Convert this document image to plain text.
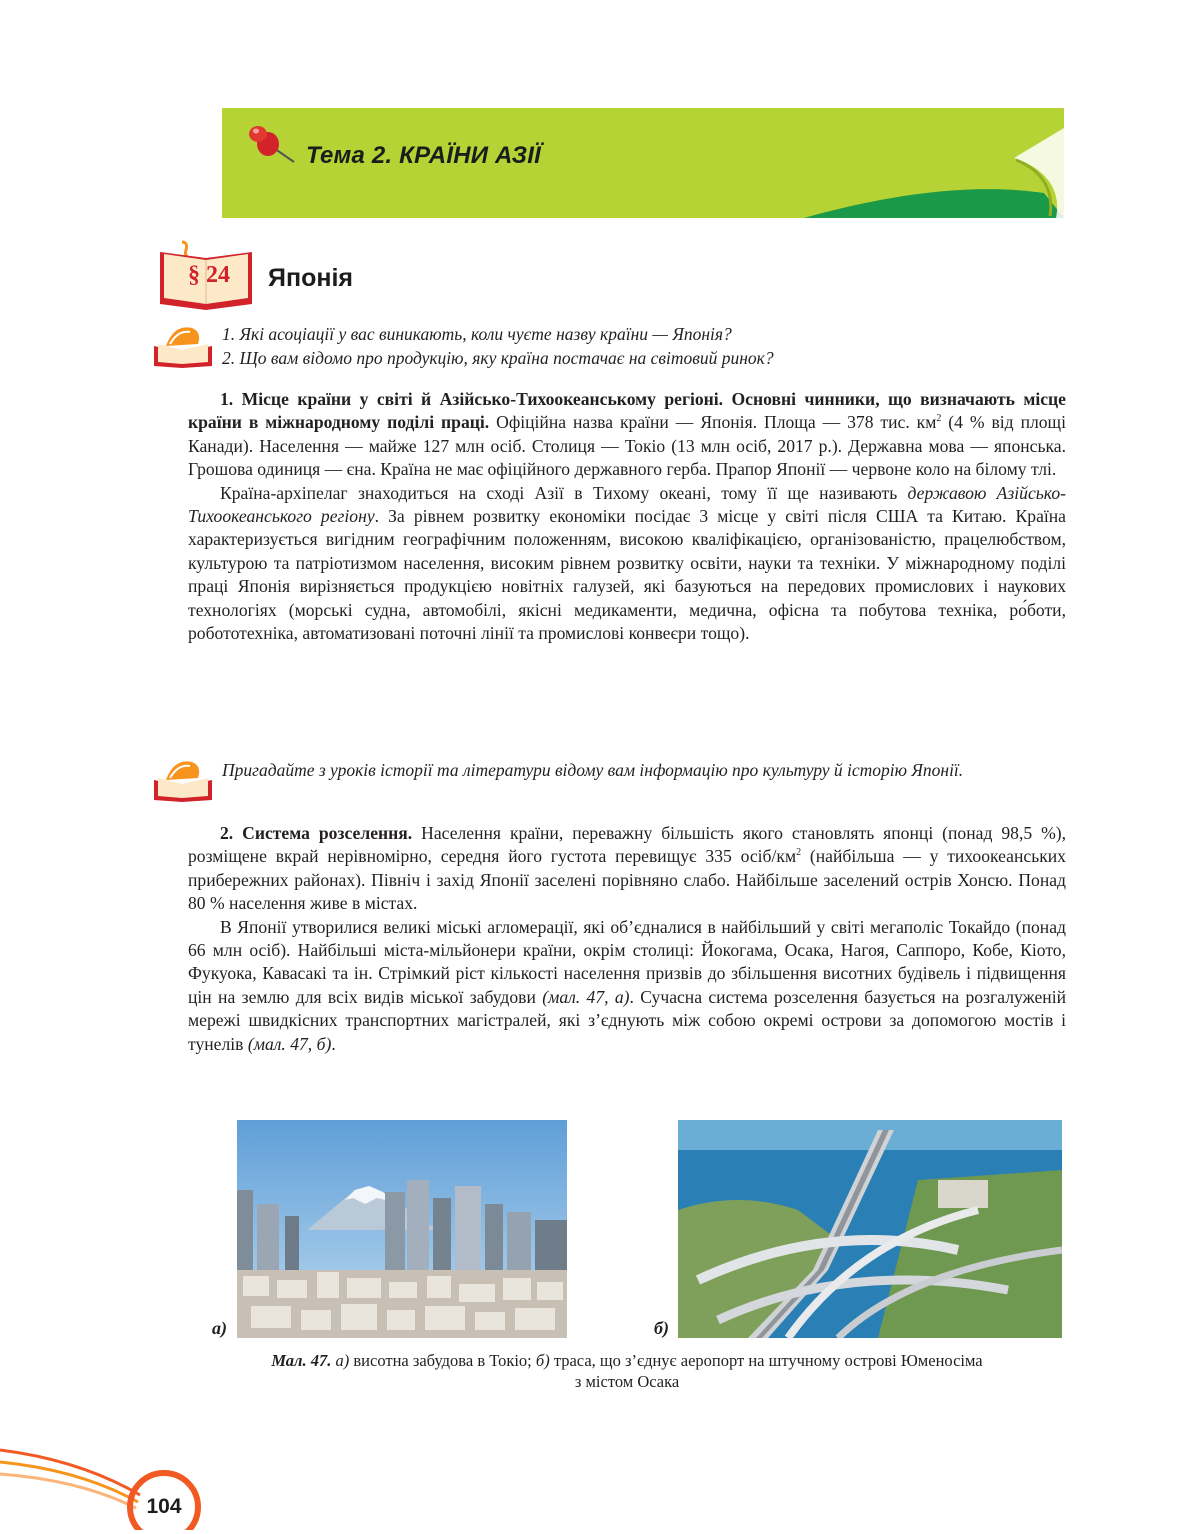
Тема 2. КРАЇНИ АЗІЇ
§ 24	Японія
1. Які асоціації у вас виникають, коли чуєте назву країни — Японія?
2. Що вам відомо про продукцію, яку країна постачає на світовий ринок?

1. Місце країни у світі й Азійсько-Тихоокеанському регіоні. Основні чинники, що визначають місце країни в міжнародному поділі праці. Офіційна назва країни — Японія. Площа — 378 тис. $км^2$ (4 % від площі Канади). Населення — майже 127 млн осіб. Столиця — Токіо (13 млн осіб, 2017 р.). Державна мова — японська. Грошова одиниця — єна. Країна не має офіційного державного герба. Прапор Японії — червоне коло на білому тлі.

Країна-архіпелаг знаходиться на сході Азії в Тихому океані, тому її ще називають державою Азійсько-Тихоокеанського регіону. За рівнем розвитку економіки посідає 3 місце у світі після США та Китаю. Країна характеризується вигідним географічним положенням, високою кваліфікацією, організованістю, працелюбством, культурою та патріотизмом населення, високим рівнем розвитку освіти, науки та техніки. У міжнародному поділі праці Японія вирізняється продукцією новітніх галузей, які базуються на передових промислових і наукових технологіях (морські судна, автомобілі, якісні медикаменти, медична, офісна та побутова техніка, ро́боти, робототехніка, автоматизовані поточні лінії та промислові конвеєри тощо).

Пригадайте з уроків історії та літератури відому вам інформацію про культуру й історію Японії.

2. Система розселення. Населення країни, переважну більшість якого становлять японці (понад 98,5 %), розміщене вкрай нерівномірно, середня його густота перевищує 335 осіб/$км^2$ (найбільша — у тихоокеанських прибережних районах). Північ і захід Японії заселені порівняно слабо. Найбільше заселений острів Хонсю. Понад 80 % населення живе в містах.

В Японії утворилися великі міські агломерації, які об’єдналися в найбільший у світі мегаполіс Токайдо (понад 66 млн осіб). Найбільші міста-мільйонери країни, окрім столиці: Йокогама, Осака, Нагоя, Саппоро, Кобе, Кіото, Фукуока, Кавасакі та ін. Стрімкий ріст кількості населення призвів до збільшення висотних будівель і підвищення цін на землю для всіх видів міської забудови (мал. 47, а). Сучасна система розселення базується на розгалуженій мережі швидкісних транспортних магістралей, які з’єднують між собою окремі острови за допомогою мостів і тунелів (мал. 47, б).

а)	б)
Мал. 47. а) висотна забудова в Токіо; б) траса, що з’єднує аеропорт на штучному острові Юменосіма
з містом Осака
104
